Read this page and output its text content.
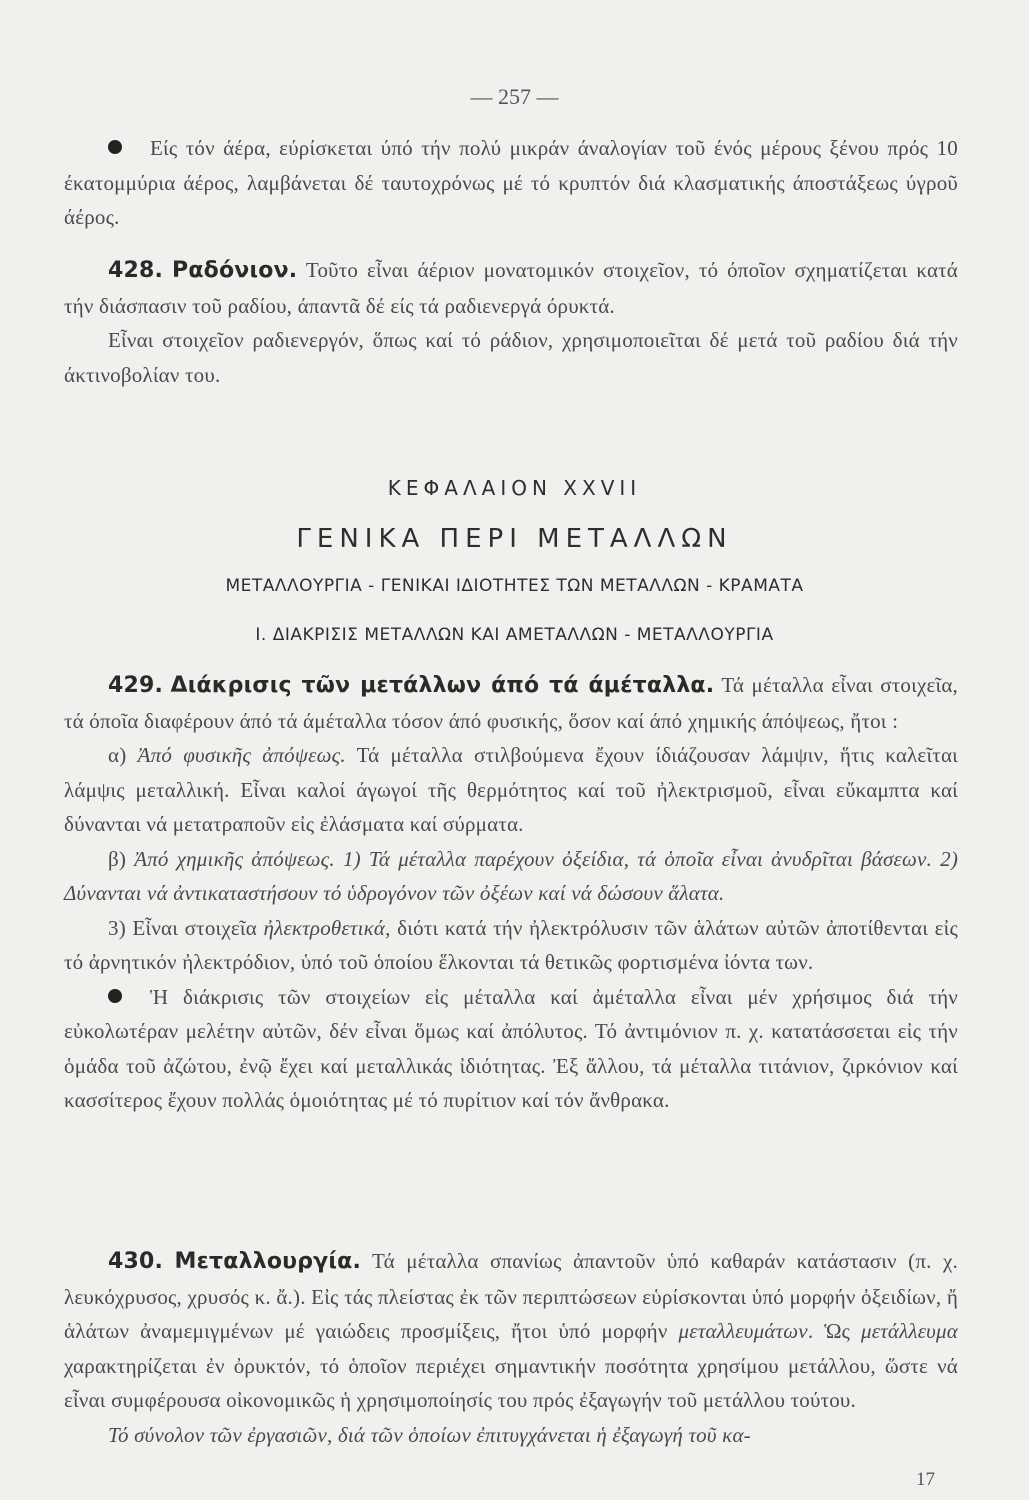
— 257 —

Είς τόν άέρα, εύρίσκεται ύπό τήν πολύ μικράν άναλογίαν τοῦ ένός μέρους ξένου πρός 10 έκατομμύρια άέρος, λαμβάνεται δέ ταυτοχρόνως μέ τό κρυπτόν διά κλασματικής άποστάξεως ύγροῦ άέρος.

428. Ραδόνιον. Τοῦτο εἶναι άέριον μονατομικόν στοιχεῖον, τό όποῖον σχηματίζεται κατά τήν διάσπασιν τοῦ ραδίου, άπαντᾶ δέ είς τά ραδιενεργά όρυκτά.

Εἶναι στοιχεῖον ραδιενεργόν, ὅπως καί τό ράδιον, χρησιμοποιεῖται δέ μετά τοῦ ραδίου διά τήν άκτινοβολίαν του.

ΚΕΦΑΛΑΙΟΝ XXVII
ΓΕΝΙΚΑ ΠΕΡΙ ΜΕΤΑΛΛΩΝ
ΜΕΤΑΛΛΟΥΡΓΙΑ - ΓΕΝΙΚΑΙ ΙΔΙΟΤΗΤΕΣ ΤΩΝ ΜΕΤΑΛΛΩΝ - ΚΡΑΜΑΤΑ
Ι. ΔΙΑΚΡΙΣΙΣ ΜΕΤΑΛΛΩΝ ΚΑΙ ΑΜΕΤΑΛΛΩΝ - ΜΕΤΑΛΛΟΥΡΓΙΑ

429. Διάκρισις τῶν μετάλλων άπό τά άμέταλλα. Τά μέταλλα εἶναι στοιχεῖα, τά όποῖα διαφέρουν άπό τά άμέταλλα τόσον άπό φυσικής, ὅσον καί άπό χημικής άπόψεως, ἤτοι :

α) Ἀπό φυσικῆς ἀπόψεως. Τά μέταλλα στιλβούμενα ἔχουν ίδιάζουσαν λάμψιν, ἥτις καλεῖται λάμψις μεταλλική. Εἶναι καλοί άγωγοί τῆς θερμότητος καί τοῦ ἠλεκτρισμοῦ, εἶναι εὔκαμπτα καί δύνανται νά μετατραποῦν εἰς ἐλάσματα καί σύρματα.

β) Ἀπό χημικῆς ἀπόψεως. 1) Τά μέταλλα παρέχουν ὀξείδια, τά ὁποῖα εἶναι ἀνυδρῖται βάσεων. 2) Δύνανται νά ἀντικαταστήσουν τό ὑδρογόνον τῶν ὀξέων καί νά δώσουν ἅλατα.

3) Εἶναι στοιχεῖα ἠλεκτροθετικά, διότι κατά τήν ἠλεκτρόλυσιν τῶν ἁλάτων αὐτῶν ἀποτίθενται εἰς τό ἀρνητικόν ἠλεκτρόδιον, ὑπό τοῦ ὁποίου ἕλκονται τά θετικῶς φορτισμένα ἰόντα των.

Ἡ διάκρισις τῶν στοιχείων εἰς μέταλλα καί ἀμέταλλα εἶναι μέν χρήσιμος διά τήν εὐκολωτέραν μελέτην αὐτῶν, δέν εἶναι ὅμως καί ἀπόλυτος. Τό ἀντιμόνιον π. χ. κατατάσσεται εἰς τήν ὁμάδα τοῦ ἀζώτου, ἐνῷ ἔχει καί μεταλλικάς ἰδιότητας. Ἐξ ἄλλου, τά μέταλλα τιτάνιον, ζιρκόνιον καί κασσίτερος ἔχουν πολλάς ὁμοιότητας μέ τό πυρίτιον καί τόν ἄνθρακα.

430. Μεταλλουργία. Τά μέταλλα σπανίως ἀπαντοῦν ὑπό καθαράν κατάστασιν (π. χ. λευκόχρυσος, χρυσός κ. ἄ.). Εἰς τάς πλείστας ἐκ τῶν περιπτώσεων εὑρίσκονται ὑπό μορφήν ὀξειδίων, ἤ ἁλάτων ἀναμεμιγμένων μέ γαιώδεις προσμίξεις, ἤτοι ὑπό μορφήν μεταλλευμάτων. Ὡς μετάλλευμα χαρακτηρίζεται ἐν ὀρυκτόν, τό ὁποῖον περιέχει σημαντικήν ποσότητα χρησίμου μετάλλου, ὥστε νά εἶναι συμφέρουσα οἰκονομικῶς ἡ χρησιμοποίησίς του πρός ἐξαγωγήν τοῦ μετάλλου τούτου.

Τό σύνολον τῶν ἐργασιῶν, διά τῶν ὁποίων ἐπιτυγχάνεται ἡ ἐξαγωγή τοῦ κα-

17
